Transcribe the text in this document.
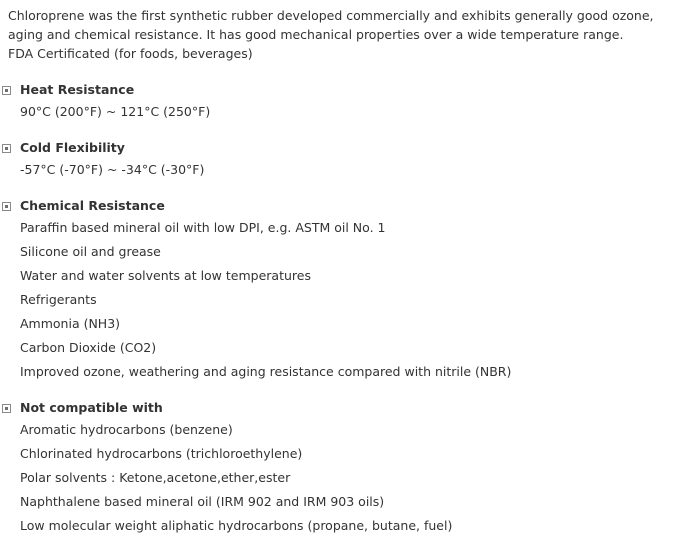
Chloroprene was the first synthetic rubber developed commercially and exhibits generally good ozone,
aging and chemical resistance. It has good mechanical properties over a wide temperature range.
FDA Certificated (for foods, beverages)

Heat Resistance
90°C (200°F) ~ 121°C (250°F)
Cold Flexibility
-57°C (-70°F) ~ -34°C (-30°F)
Chemical Resistance
Paraffin based mineral oil with low DPI, e.g. ASTM oil No. 1
Silicone oil and grease
Water and water solvents at low temperatures
Refrigerants
Ammonia (NH3)
Carbon Dioxide (CO2)
Improved ozone, weathering and aging resistance compared with nitrile (NBR)
Not compatible with
Aromatic hydrocarbons (benzene)
Chlorinated hydrocarbons (trichloroethylene)
Polar solvents : Ketone,acetone,ether,ester
Naphthalene based mineral oil (IRM 902 and IRM 903 oils)
Low molecular weight aliphatic hydrocarbons (propane, butane, fuel)
